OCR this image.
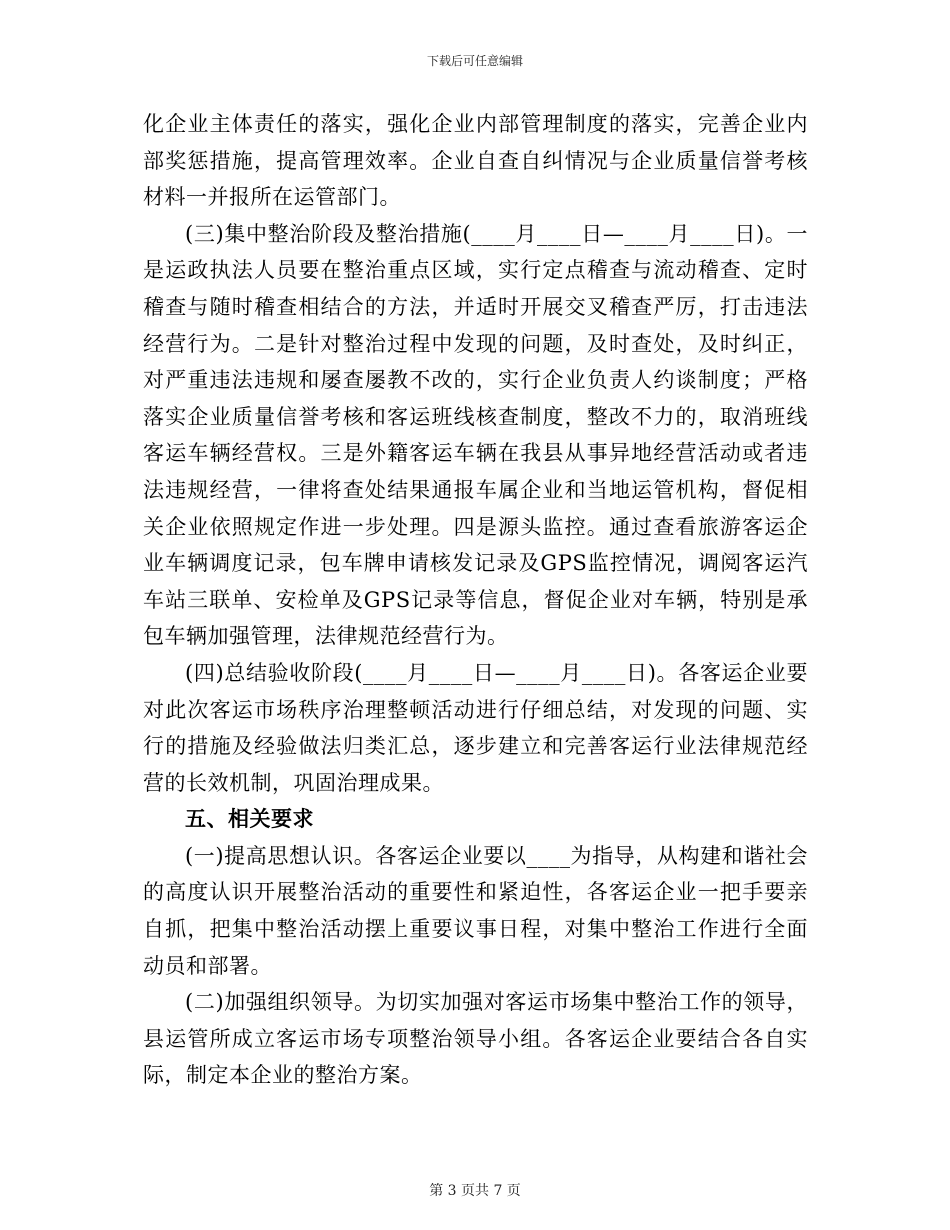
下载后可任意编辑

化企业主体责任的落实，强化企业内部管理制度的落实，完善企业内部奖惩措施，提高管理效率。企业自查自纠情况与企业质量信誉考核材料一并报所在运管部门。

(三)集中整治阶段及整治措施(____月____日—____月____日)。一是运政执法人员要在整治重点区域，实行定点稽查与流动稽查、定时稽查与随时稽查相结合的方法，并适时开展交叉稽查严厉，打击违法经营行为。二是针对整治过程中发现的问题，及时查处，及时纠正，对严重违法违规和屡查屡教不改的，实行企业负责人约谈制度；严格落实企业质量信誉考核和客运班线核查制度，整改不力的，取消班线客运车辆经营权。三是外籍客运车辆在我县从事异地经营活动或者违法违规经营，一律将查处结果通报车属企业和当地运管机构，督促相关企业依照规定作进一步处理。四是源头监控。通过查看旅游客运企业车辆调度记录，包车牌申请核发记录及GPS监控情况，调阅客运汽车站三联单、安检单及GPS记录等信息，督促企业对车辆，特别是承包车辆加强管理，法律规范经营行为。

(四)总结验收阶段(____月____日—____月____日)。各客运企业要对此次客运市场秩序治理整顿活动进行仔细总结，对发现的问题、实行的措施及经验做法归类汇总，逐步建立和完善客运行业法律规范经营的长效机制，巩固治理成果。

五、相关要求

(一)提高思想认识。各客运企业要以____为指导，从构建和谐社会的高度认识开展整治活动的重要性和紧迫性，各客运企业一把手要亲自抓，把集中整治活动摆上重要议事日程，对集中整治工作进行全面动员和部署。

(二)加强组织领导。为切实加强对客运市场集中整治工作的领导，县运管所成立客运市场专项整治领导小组。各客运企业要结合各自实际，制定本企业的整治方案。

第 3 页共 7 页
